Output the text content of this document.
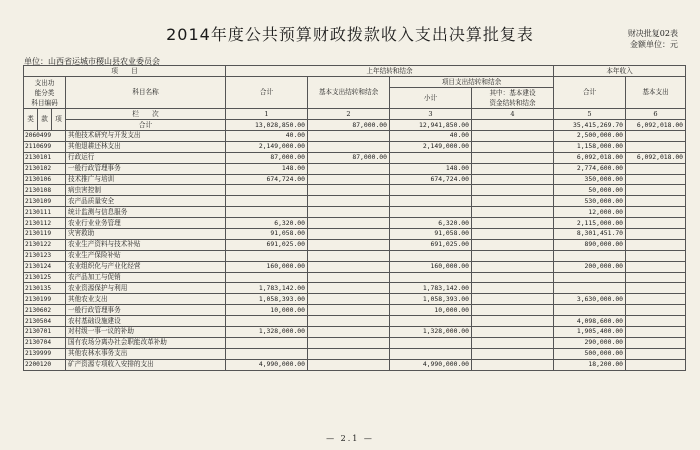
2014年度公共预算财政拨款收入支出决算批复表	财决批复02表
金额单位：元
单位：山西省运城市稷山县农业委员会
项　　目				上年结转和结余				本年收入	

支出功
能分类
科目编码			科目名称	合计	基本支出结转和结余	项目支出结转和结余		合计	基本支出
						小计	其中：基本建设
资金结转和结余		

类	款	项	栏　　次	1	2	3	4	5	6
			合计	13,028,850.00	87,000.00	12,941,850.00		35,415,269.70	6,092,018.00
2060499			其他技术研究与开发支出	40.00		40.00		2,500,000.00	
2110699			其他退耕还林支出	2,149,000.00		2,149,000.00		1,158,000.00	
2130101			行政运行	87,000.00	87,000.00			6,092,018.00	6,092,018.00
2130102			一般行政管理事务	148.00		148.00		2,774,600.00	
2130106			技术推广与培训	674,724.00		674,724.00		350,000.00	
2130108			病虫害控制					50,000.00	
2130109			农产品质量安全					530,000.00	
2130111			统计监测与信息服务					12,000.00	
2130112			农业行业业务管理	6,320.00		6,320.00		2,115,000.00	
2130119			灾害救助	91,058.00		91,058.00		8,301,451.70	
2130122			农业生产资料与技术补贴	691,025.00		691,025.00		890,000.00	
2130123			农业生产保险补贴						
2130124			农业组织化与产业化经营	160,000.00		160,000.00		200,000.00	
2130125			农产品加工与促销						
2130135			农业资源保护与利用	1,783,142.00		1,783,142.00			
2130199			其他农业支出	1,058,393.00		1,058,393.00		3,630,000.00	
2130602			一般行政管理事务	10,000.00		10,000.00			
2130504			农村基础设施建设					4,098,600.00	
2130701			对村级一事一议的补助	1,328,000.00		1,328,000.00		1,905,400.00	
2130704			国有农场分离办社会职能改革补助					290,000.00	
2139999			其他农林水事务支出					500,000.00	
2200120			矿产资源专项收入安排的支出	4,990,000.00		4,990,000.00		18,200.00	
— 2.1 —
